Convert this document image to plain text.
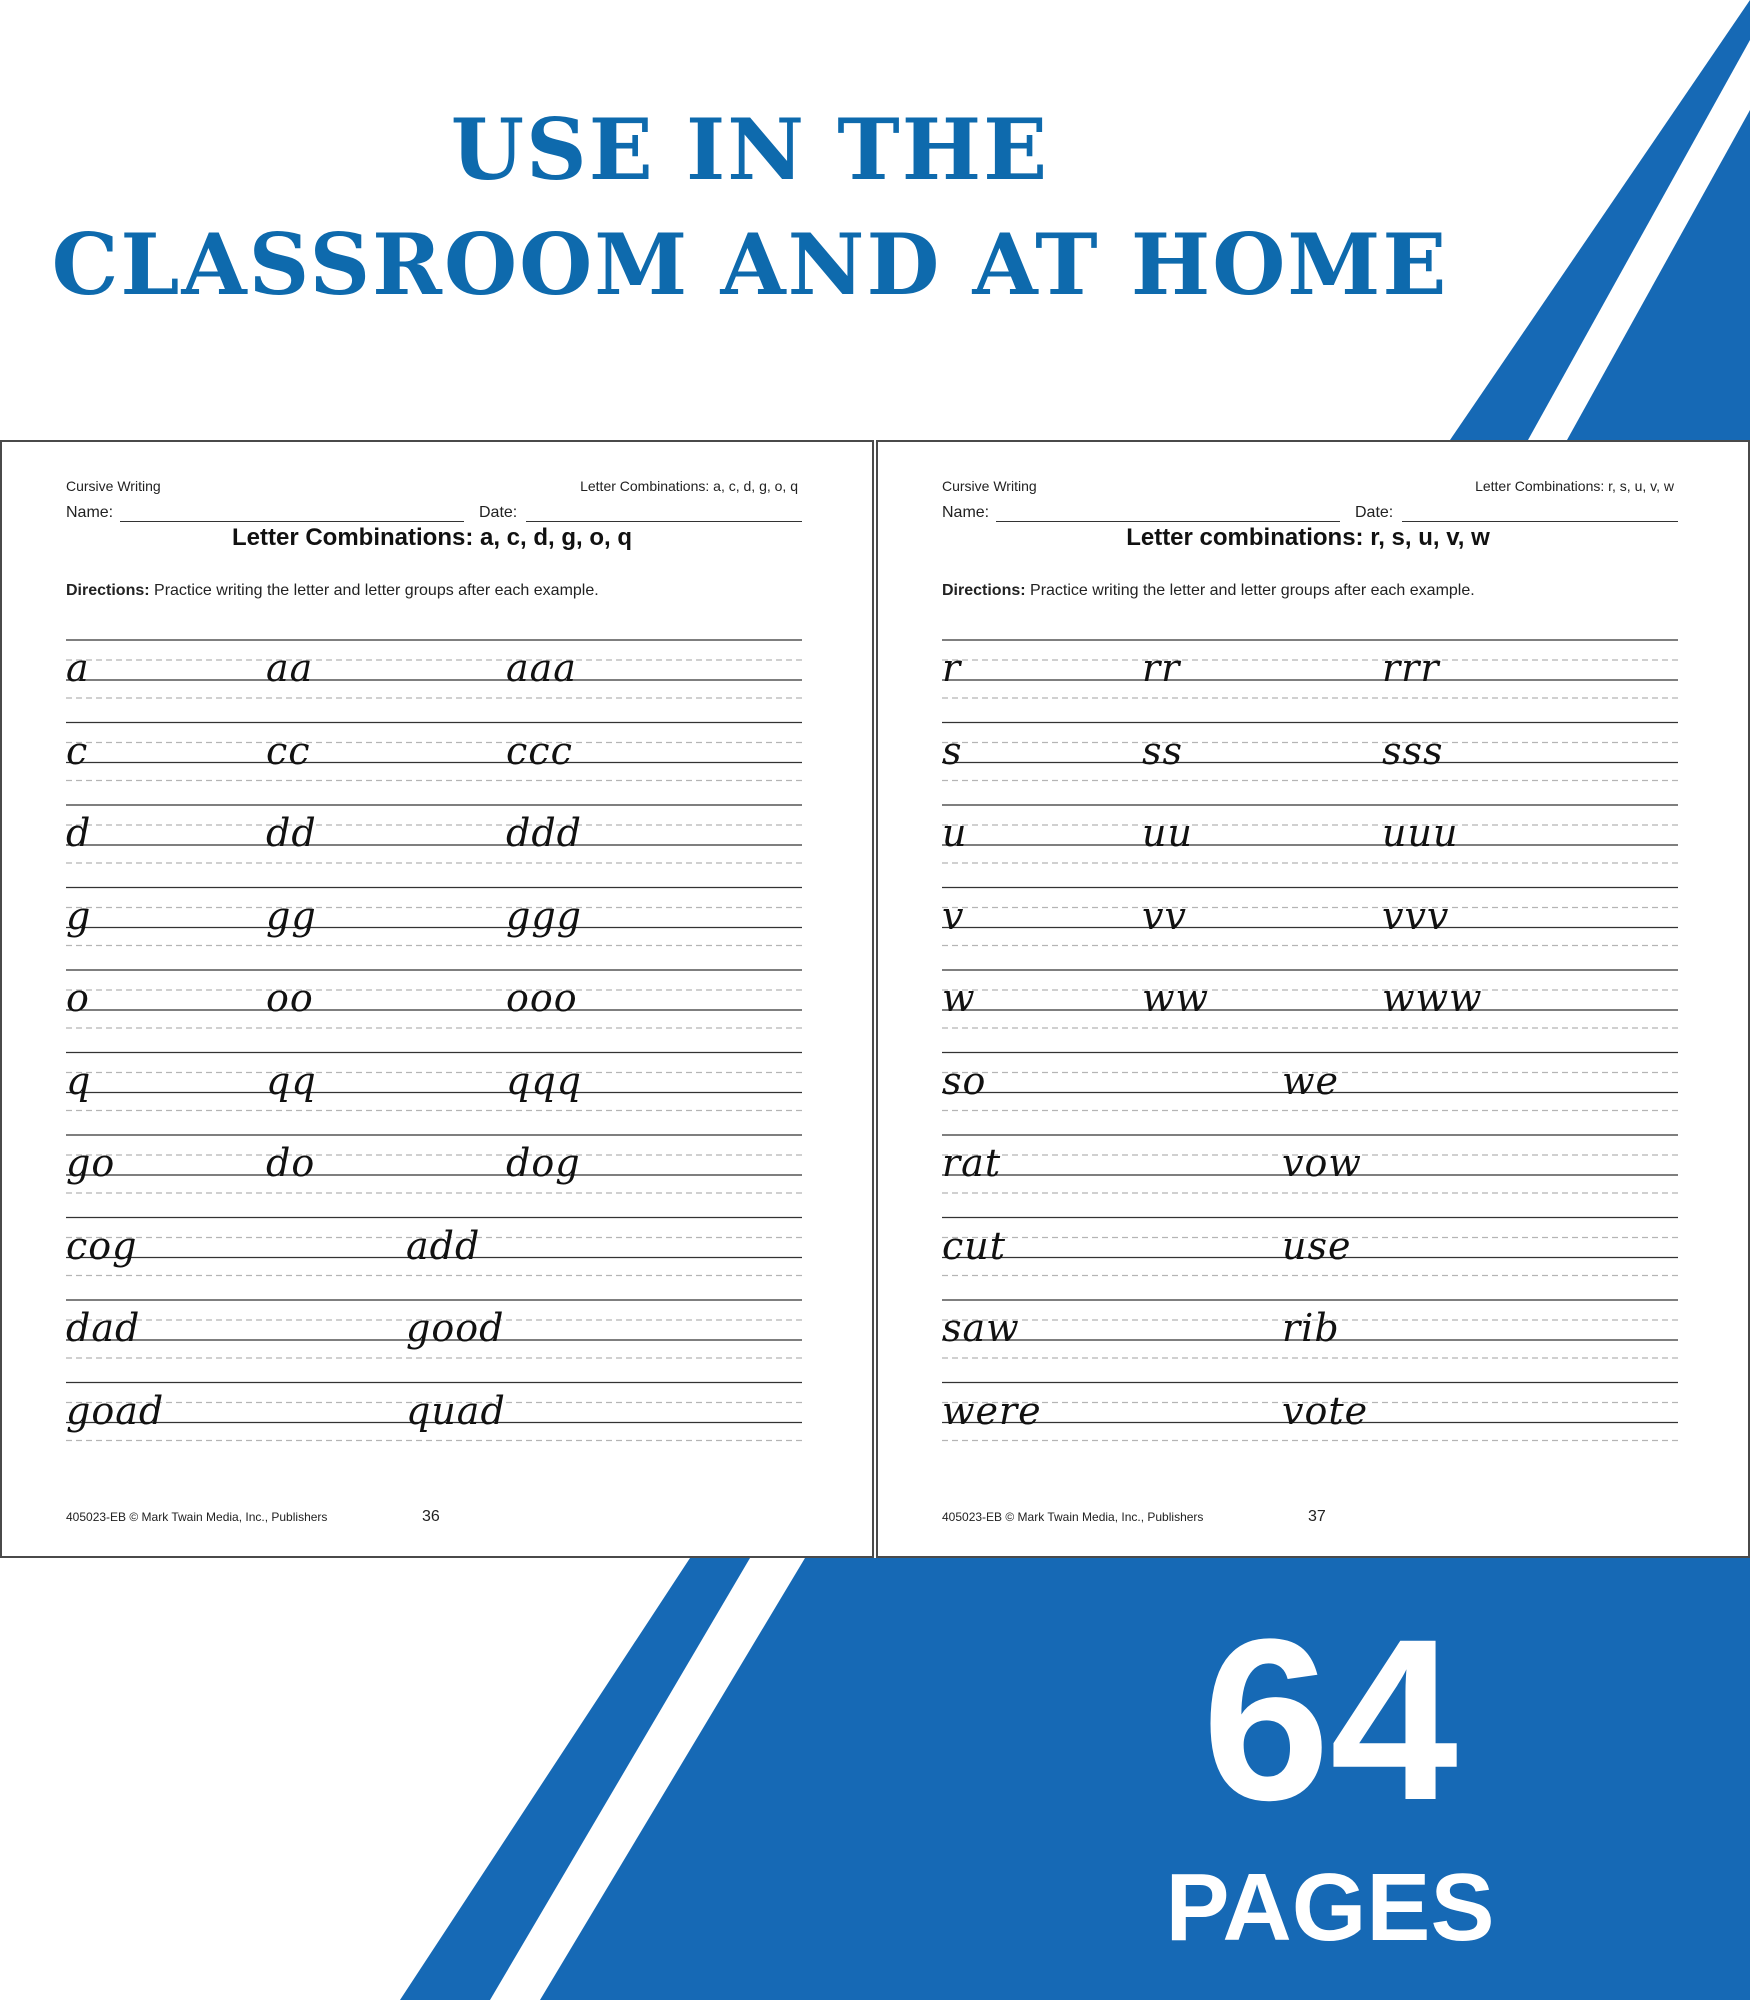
USE IN THE
CLASSROOM AND AT HOME
Cursive Writing	Letter Combinations: a, c, d, g, o, q
Name:	Date:
Letter Combinations: a, c, d, g, o, q
Directions: Practice writing the letter and letter groups after each example.
a	aa	aaa
c	cc	ccc
d	dd	ddd
g	gg	ggg
o	oo	ooo
q	qq	qqq
go	do	dog
cog	add
dad	good
goad	quad
405023-EB © Mark Twain Media, Inc., Publishers	36
Cursive Writing	Letter Combinations: r, s, u, v, w
Name:	Date:
Letter combinations: r, s, u, v, w
Directions: Practice writing the letter and letter groups after each example.
r	rr	rrr
s	ss	sss
u	uu	uuu
v	vv	vvv
w	ww	www
so	we
rat	vow
cut	use
saw	rib
were	vote
405023-EB © Mark Twain Media, Inc., Publishers	37
64
PAGES
